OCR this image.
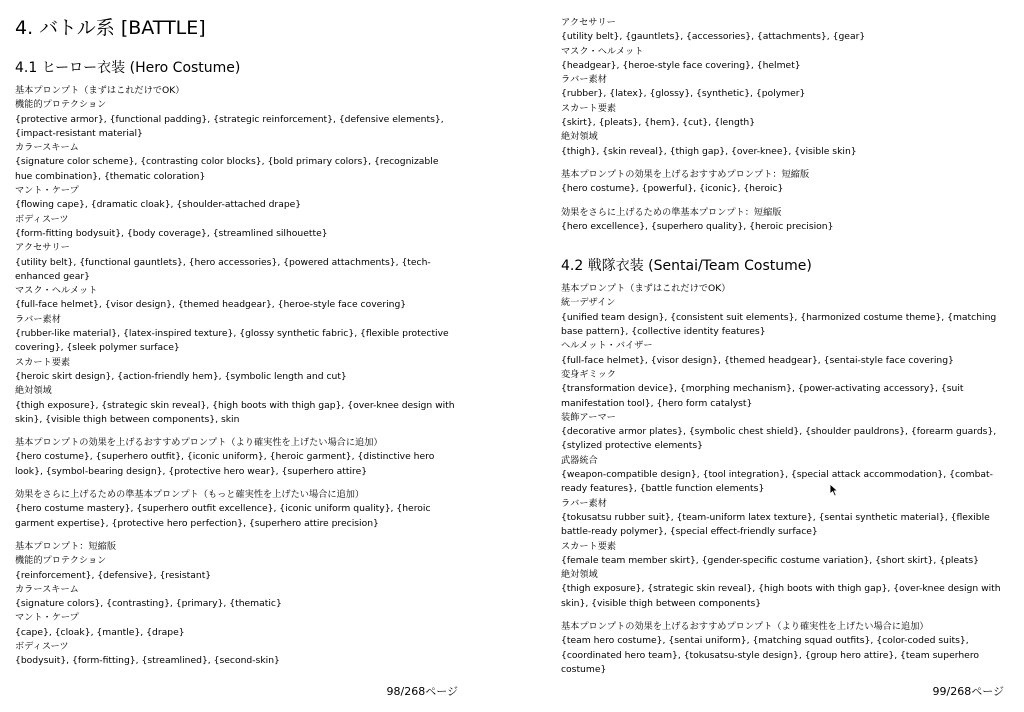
4. バトル系 [BATTLE]
4.1 ヒーロー衣装 (Hero Costume)
基本プロンプト（まずはこれだけでOK）
機能的プロテクション
{protective armor}, {functional padding}, {strategic reinforcement}, {defensive elements}, {impact-resistant material}
カラースキーム
{signature color scheme}, {contrasting color blocks}, {bold primary colors}, {recognizable hue combination}, {thematic coloration}
マント・ケープ
{flowing cape}, {dramatic cloak}, {shoulder-attached drape}
ボディスーツ
{form-fitting bodysuit}, {body coverage}, {streamlined silhouette}
アクセサリー
{utility belt}, {functional gauntlets}, {hero accessories}, {powered attachments}, {tech-enhanced gear}
マスク・ヘルメット
{full-face helmet}, {visor design}, {themed headgear}, {heroe-style face covering}
ラバー素材
{rubber-like material}, {latex-inspired texture}, {glossy synthetic fabric}, {flexible protective covering}, {sleek polymer surface}
スカート要素
{heroic skirt design}, {action-friendly hem}, {symbolic length and cut}
絶対領域
{thigh exposure}, {strategic skin reveal}, {high boots with thigh gap}, {over-knee design with skin}, {visible thigh between components}, skin
基本プロンプトの効果を上げるおすすめプロンプト（より確実性を上げたい場合に追加）
{hero costume}, {superhero outfit}, {iconic uniform}, {heroic garment}, {distinctive hero look}, {symbol-bearing design}, {protective hero wear}, {superhero attire}
効果をさらに上げるための準基本プロンプト（もっと確実性を上げたい場合に追加）
{hero costume mastery}, {superhero outfit excellence}, {iconic uniform quality}, {heroic garment expertise}, {protective hero perfection}, {superhero attire precision}
基本プロンプト：短縮版
機能的プロテクション
{reinforcement}, {defensive}, {resistant}
カラースキーム
{signature colors}, {contrasting}, {primary}, {thematic}
マント・ケープ
{cape}, {cloak}, {mantle}, {drape}
ボディスーツ
{bodysuit}, {form-fitting}, {streamlined}, {second-skin}
98/268ページ
アクセサリー
{utility belt}, {gauntlets}, {accessories}, {attachments}, {gear}
マスク・ヘルメット
{headgear}, {heroe-style face covering}, {helmet}
ラバー素材
{rubber}, {latex}, {glossy}, {synthetic}, {polymer}
スカート要素
{skirt}, {pleats}, {hem}, {cut}, {length}
絶対領域
{thigh}, {skin reveal}, {thigh gap}, {over-knee}, {visible skin}
基本プロンプトの効果を上げるおすすめプロンプト：短縮版
{hero costume}, {powerful}, {iconic}, {heroic}
効果をさらに上げるための準基本プロンプト：短縮版
{hero excellence}, {superhero quality}, {heroic precision}
4.2 戦隊衣装 (Sentai/Team Costume)
基本プロンプト（まずはこれだけでOK）
統一デザイン
{unified team design}, {consistent suit elements}, {harmonized costume theme}, {matching base pattern}, {collective identity features}
ヘルメット・バイザー
{full-face helmet}, {visor design}, {themed headgear}, {sentai-style face covering}
変身ギミック
{transformation device}, {morphing mechanism}, {power-activating accessory}, {suit manifestation tool}, {hero form catalyst}
装飾アーマー
{decorative armor plates}, {symbolic chest shield}, {shoulder pauldrons}, {forearm guards}, {stylized protective elements}
武器統合
{weapon-compatible design}, {tool integration}, {special attack accommodation}, {combat-ready features}, {battle function elements}
ラバー素材
{tokusatsu rubber suit}, {team-uniform latex texture}, {sentai synthetic material}, {flexible battle-ready polymer}, {special effect-friendly surface}
スカート要素
{female team member skirt}, {gender-specific costume variation}, {short skirt}, {pleats}
絶対領域
{thigh exposure}, {strategic skin reveal}, {high boots with thigh gap}, {over-knee design with skin}, {visible thigh between components}
基本プロンプトの効果を上げるおすすめプロンプト（より確実性を上げたい場合に追加）
{team hero costume}, {sentai uniform}, {matching squad outfits}, {color-coded suits}, {coordinated hero team}, {tokusatsu-style design}, {group hero attire}, {team superhero costume}
99/268ページ
